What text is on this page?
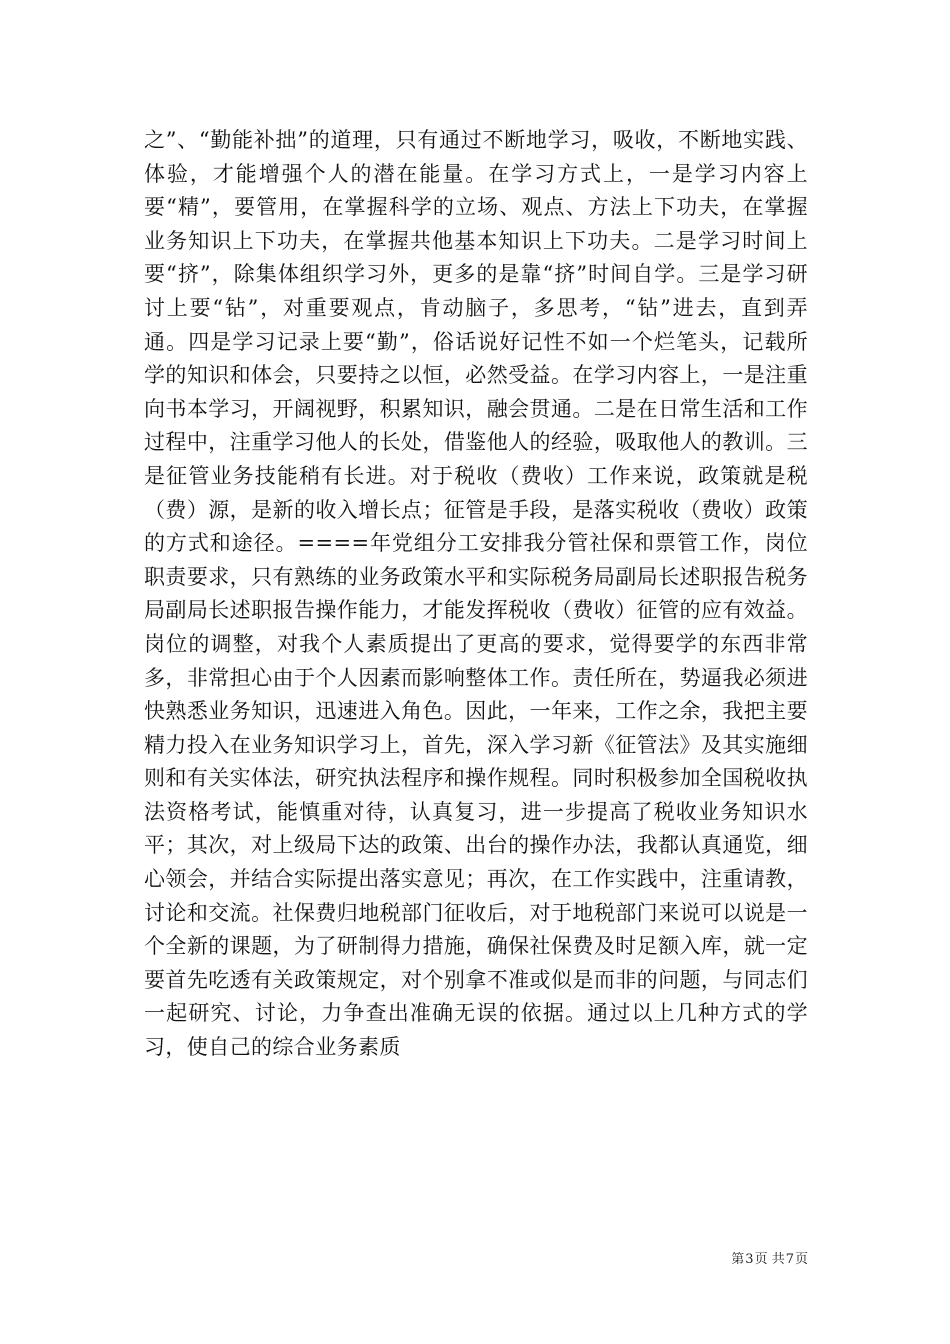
之”、“勤能补拙”的道理，只有通过不断地学习，吸收，不断地实践、体验，才能增强个人的潜在能量。在学习方式上，一是学习内容上要“精”，要管用，在掌握科学的立场、观点、方法上下功夫，在掌握业务知识上下功夫，在掌握共他基本知识上下功夫。二是学习时间上要“挤”，除集体组织学习外，更多的是靠“挤”时间自学。三是学习研讨上要“钻”，对重要观点，肯动脑子，多思考，“钻”进去，直到弄通。四是学习记录上要“勤”，俗话说好记性不如一个烂笔头，记载所学的知识和体会，只要持之以恒，必然受益。在学习内容上，一是注重向书本学习，开阔视野，积累知识，融会贯通。二是在日常生活和工作过程中，注重学习他人的长处，借鉴他人的经验，吸取他人的教训。三是征管业务技能稍有长进。对于税收（费收）工作来说，政策就是税（费）源，是新的收入增长点；征管是手段，是落实税收（费收）政策的方式和途径。====年党组分工安排我分管社保和票管工作，岗位职责要求，只有熟练的业务政策水平和实际税务局副局长述职报告税务局副局长述职报告操作能力，才能发挥税收（费收）征管的应有效益。岗位的调整，对我个人素质提出了更高的要求，觉得要学的东西非常多，非常担心由于个人因素而影响整体工作。责任所在，势逼我必须进快熟悉业务知识，迅速进入角色。因此，一年来，工作之余，我把主要精力投入在业务知识学习上，首先，深入学习新《征管法》及其实施细则和有关实体法，研究执法程序和操作规程。同时积极参加全国税收执法资格考试，能慎重对待，认真复习，进一步提高了税收业务知识水平；其次，对上级局下达的政策、出台的操作办法，我都认真通览，细心领会，并结合实际提出落实意见；再次，在工作实践中，注重请教，讨论和交流。社保费归地税部门征收后，对于地税部门来说可以说是一个全新的课题，为了研制得力措施，确保社保费及时足额入库，就一定要首先吃透有关政策规定，对个别拿不准或似是而非的问题，与同志们一起研究、讨论，力争查出准确无误的依据。通过以上几种方式的学习，使自己的综合业务素质

第 3 页 共 7 页
